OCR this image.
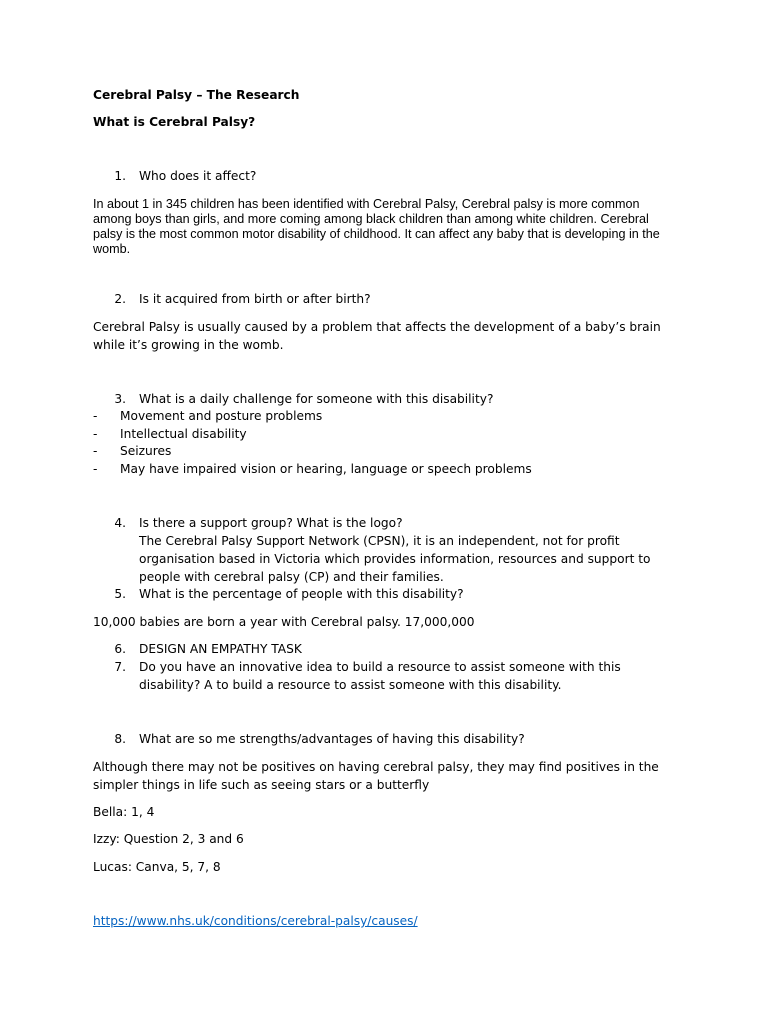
Cerebral Palsy – The Research
What is Cerebral Palsy?
1. Who does it affect?
In about 1 in 345 children has been identified with Cerebral Palsy, Cerebral palsy is more common among boys than girls, and more coming among black children than among white children. Cerebral palsy is the most common motor disability of childhood. It can affect any baby that is developing in the womb.
2. Is it acquired from birth or after birth?
Cerebral Palsy is usually caused by a problem that affects the development of a baby’s brain while it’s growing in the womb.
3. What is a daily challenge for someone with this disability?
- Movement and posture problems
- Intellectual disability
- Seizures
- May have impaired vision or hearing, language or speech problems
4. Is there a support group? What is the logo?
The Cerebral Palsy Support Network (CPSN), it is an independent, not for profit organisation based in Victoria which provides information, resources and support to people with cerebral palsy (CP) and their families.
5. What is the percentage of people with this disability?
10,000 babies are born a year with Cerebral palsy. 17,000,000
6. DESIGN AN EMPATHY TASK
7. Do you have an innovative idea to build a resource to assist someone with this disability? A to build a resource to assist someone with this disability.
8. What are so me strengths/advantages of having this disability?
Although there may not be positives on having cerebral palsy, they may find positives in the simpler things in life such as seeing stars or a butterfly
Bella: 1, 4
Izzy: Question 2, 3 and 6
Lucas: Canva, 5, 7, 8
https://www.nhs.uk/conditions/cerebral-palsy/causes/
